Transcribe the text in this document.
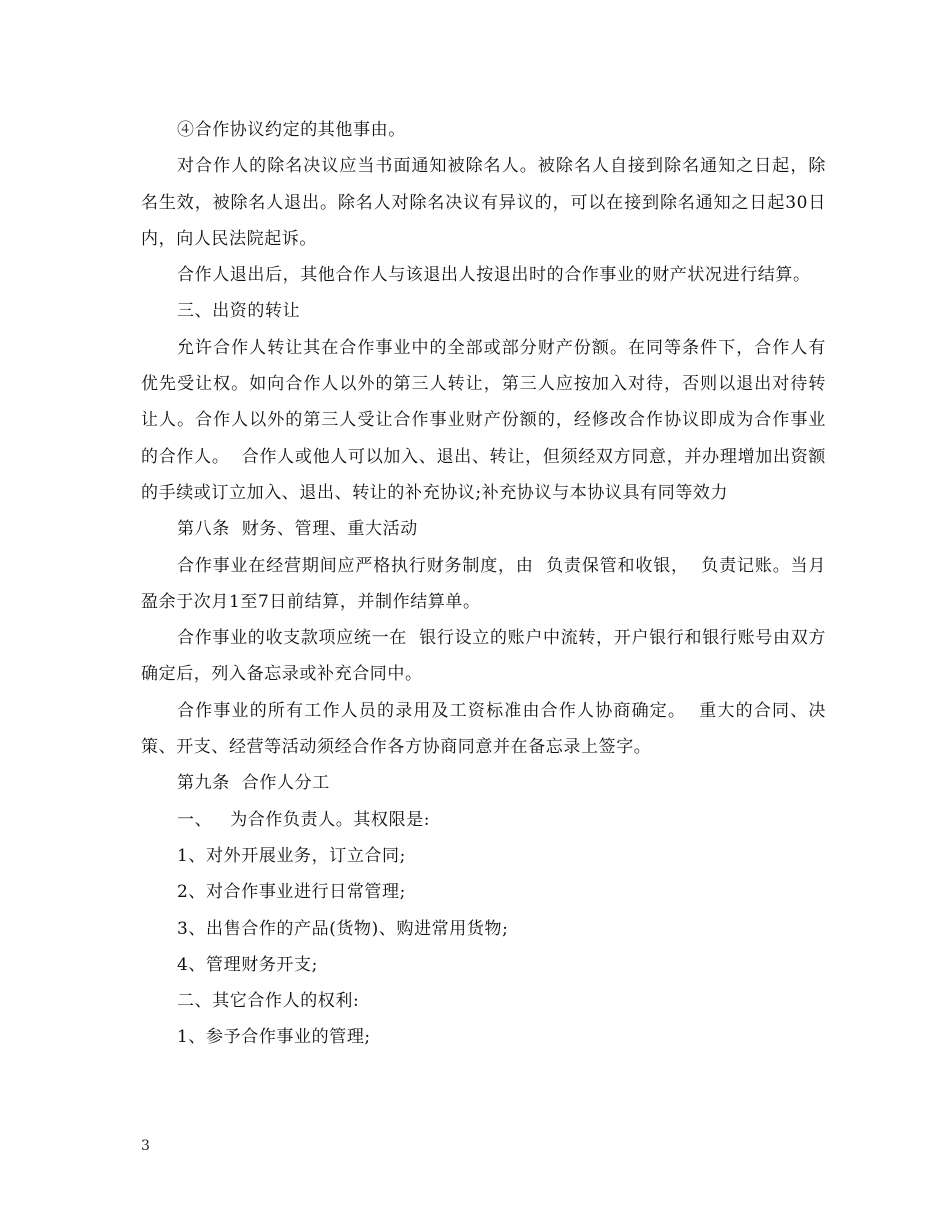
④合作协议约定的其他事由。

对合作人的除名决议应当书面通知被除名人。被除名人自接到除名通知之日起，除名生效，被除名人退出。除名人对除名决议有异议的，可以在接到除名通知之日起30日内，向人民法院起诉。

合作人退出后，其他合作人与该退出人按退出时的合作事业的财产状况进行结算。

三、出资的转让

允许合作人转让其在合作事业中的全部或部分财产份额。在同等条件下，合作人有优先受让权。如向合作人以外的第三人转让，第三人应按加入对待，否则以退出对待转让人。合作人以外的第三人受让合作事业财产份额的，经修改合作协议即成为合作事业的合作人。  合作人或他人可以加入、退出、转让，但须经双方同意，并办理增加出资额的手续或订立加入、退出、转让的补充协议;补充协议与本协议具有同等效力

第八条  财务、管理、重大活动

合作事业在经营期间应严格执行财务制度，由  负责保管和收银，  负责记账。当月盈余于次月1至7日前结算，并制作结算单。

合作事业的收支款项应统一在  银行设立的账户中流转，开户银行和银行账号由双方确定后，列入备忘录或补充合同中。

合作事业的所有工作人员的录用及工资标准由合作人协商确定。  重大的合同、决策、开支、经营等活动须经合作各方协商同意并在备忘录上签字。

第九条  合作人分工

一、   为合作负责人。其权限是:

1、对外开展业务，订立合同;

2、对合作事业进行日常管理;

3、出售合作的产品(货物)、购进常用货物;

4、管理财务开支;

二、其它合作人的权利:

1、参予合作事业的管理;

3
